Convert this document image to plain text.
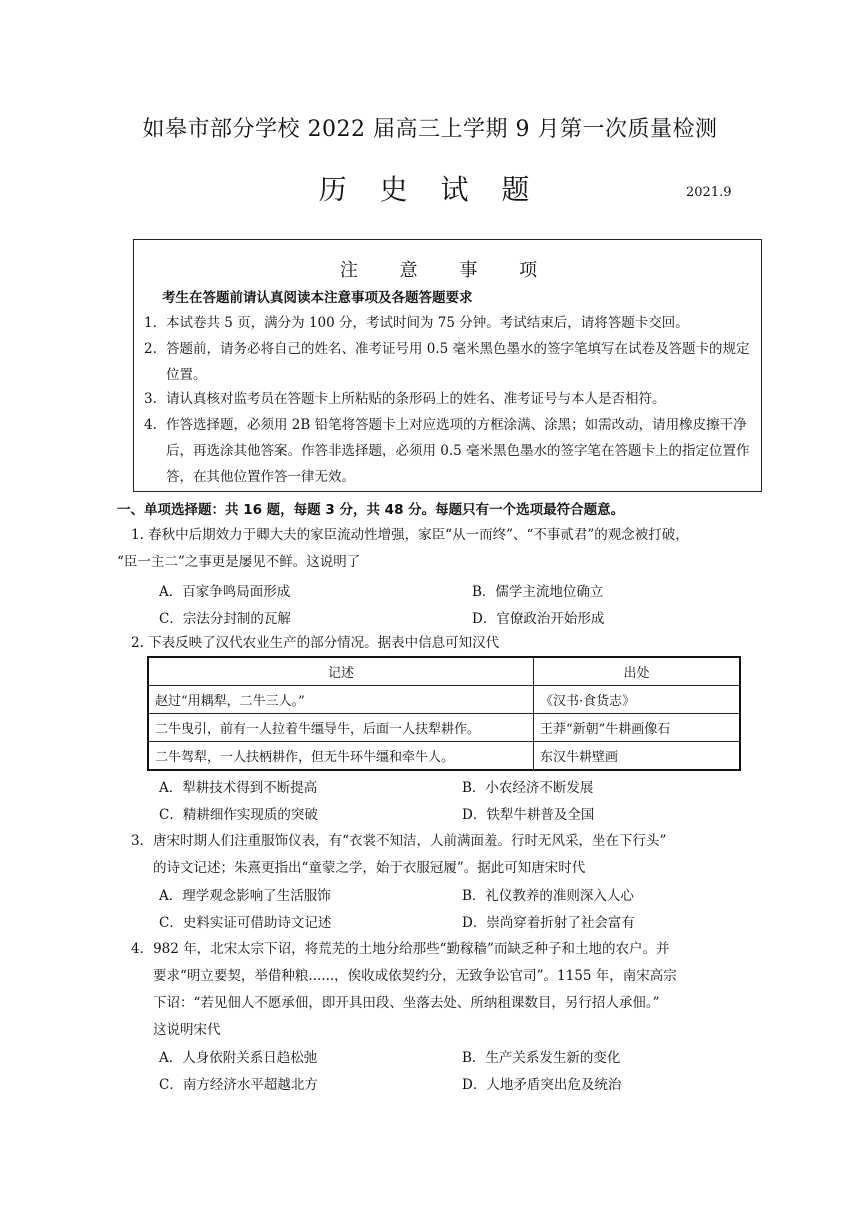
如皋市部分学校 2022 届高三上学期 9 月第一次质量检测
历 史 试 题	2021.9
注 意 事 项
考生在答题前请认真阅读本注意事项及各题答题要求
1. 本试卷共 5 页，满分为 100 分，考试时间为 75 分钟。考试结束后，请将答题卡交回。
2. 答题前，请务必将自己的姓名、准考证号用 0.5 毫米黑色墨水的签字笔填写在试卷及答题卡的规定位置。
3. 请认真核对监考员在答题卡上所粘贴的条形码上的姓名、准考证号与本人是否相符。
4. 作答选择题，必须用 2B 铅笔将答题卡上对应选项的方框涂满、涂黑；如需改动，请用橡皮擦干净后，再选涂其他答案。作答非选择题，必须用 0.5 毫米黑色墨水的签字笔在答题卡上的指定位置作答，在其他位置作答一律无效。
一、单项选择题：共 16 题，每题 3 分，共 48 分。每题只有一个选项最符合题意。
1. 春秋中后期效力于卿大夫的家臣流动性增强，家臣“从一而终”、“不事贰君”的观念被打破，
“臣一主二”之事更是屡见不鲜。这说明了
A．百家争鸣局面形成	B．儒学主流地位确立
C．宗法分封制的瓦解	D．官僚政治开始形成
2. 下表反映了汉代农业生产的部分情况。据表中信息可知汉代
记述	出处
赵过“用耦犁，二牛三人。”	《汉书·食货志》
二牛曳引，前有一人拉着牛缰导牛，后面一人扶犁耕作。	王莽“新朝”牛耕画像石
二牛驾犁，一人扶柄耕作，但无牛环牛缰和牵牛人。	东汉牛耕壁画
A．犁耕技术得到不断提高	B．小农经济不断发展
C．精耕细作实现质的突破	D．铁犁牛耕普及全国
3．唐宋时期人们注重服饰仪表，有“衣裳不知洁，人前满面羞。行时无风采，坐在下行头”
的诗文记述；朱熹更指出“童蒙之学，始于衣服冠履”。据此可知唐宋时代
A．理学观念影响了生活服饰	B．礼仪教养的准则深入人心
C．史料实证可借助诗文记述	D．崇尚穿着折射了社会富有
4．982 年，北宋太宗下诏，将荒芜的土地分给那些“勤稼穑”而缺乏种子和土地的农户。并
要求“明立要契，举借种粮......，俟收成依契约分，无致争讼官司”。1155 年，南宋高宗
下诏：“若见佃人不愿承佃，即开具田段、坐落去处、所纳租课数目，另行招人承佃。”
这说明宋代
A．人身依附关系日趋松弛	B．生产关系发生新的变化
C．南方经济水平超越北方	D．人地矛盾突出危及统治
